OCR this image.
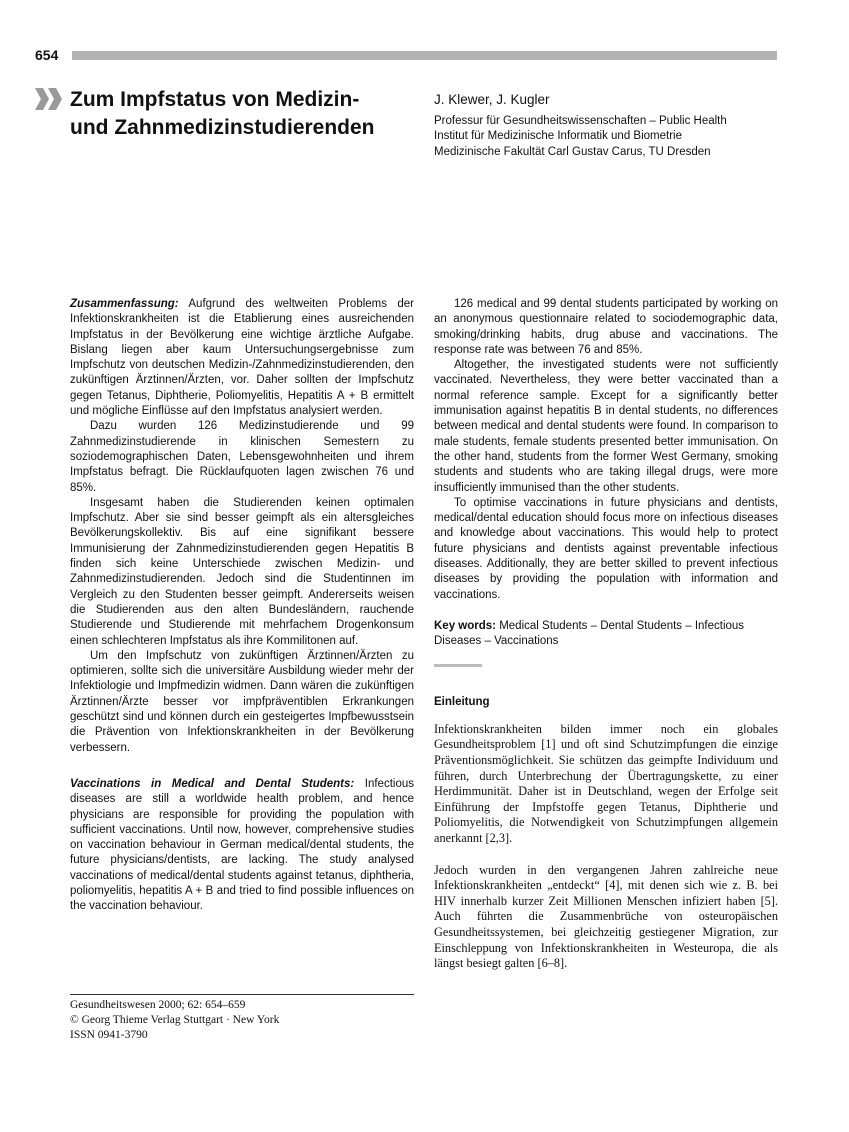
654
Zum Impfstatus von Medizin- und Zahnmedizinstudierenden
J. Klewer, J. Kugler
Professur für Gesundheitswissenschaften – Public Health
Institut für Medizinische Informatik und Biometrie
Medizinische Fakultät Carl Gustav Carus, TU Dresden

Zusammenfassung: Aufgrund des weltweiten Problems der Infektionskrankheiten ist die Etablierung eines ausreichenden Impfstatus in der Bevölkerung eine wichtige ärztliche Aufgabe. Bislang liegen aber kaum Untersuchungsergebnisse zum Impfschutz von deutschen Medizin-/Zahnmedizinstudierenden, den zukünftigen Ärztinnen/Ärzten, vor. Daher sollten der Impfschutz gegen Tetanus, Diphtherie, Poliomyelitis, Hepatitis A + B ermittelt und mögliche Einflüsse auf den Impfstatus analysiert werden.

Dazu wurden 126 Medizinstudierende und 99 Zahnmedizinstudierende in klinischen Semestern zu soziodemographischen Daten, Lebensgewohnheiten und ihrem Impfstatus befragt. Die Rücklaufquoten lagen zwischen 76 und 85%.

Insgesamt haben die Studierenden keinen optimalen Impfschutz. Aber sie sind besser geimpft als ein altersgleiches Bevölkerungskollektiv. Bis auf eine signifikant bessere Immunisierung der Zahnmedizinstudierenden gegen Hepatitis B finden sich keine Unterschiede zwischen Medizin- und Zahnmedizinstudierenden. Jedoch sind die Studentinnen im Vergleich zu den Studenten besser geimpft. Andererseits weisen die Studierenden aus den alten Bundesländern, rauchende Studierende und Studierende mit mehrfachem Drogenkonsum einen schlechteren Impfstatus als ihre Kommilitonen auf.

Um den Impfschutz von zukünftigen Ärztinnen/Ärzten zu optimieren, sollte sich die universitäre Ausbildung wieder mehr der Infektiologie und Impfmedizin widmen. Dann wären die zukünftigen Ärztinnen/Ärzte besser vor impfpräventiblen Erkrankungen geschützt sind und können durch ein gesteigertes Impfbewusstsein die Prävention von Infektionskrankheiten in der Bevölkerung verbessern.

Vaccinations in Medical and Dental Students: Infectious diseases are still a worldwide health problem, and hence physicians are responsible for providing the population with sufficient vaccinations. Until now, however, comprehensive studies on vaccination behaviour in German medical/dental students, the future physicians/dentists, are lacking. The study analysed vaccinations of medical/dental students against tetanus, diphtheria, poliomyelitis, hepatitis A + B and tried to find possible influences on the vaccination behaviour.

126 medical and 99 dental students participated by working on an anonymous questionnaire related to sociodemographic data, smoking/drinking habits, drug abuse and vaccinations. The response rate was between 76 and 85%.

Altogether, the investigated students were not sufficiently vaccinated. Nevertheless, they were better vaccinated than a normal reference sample. Except for a significantly better immunisation against hepatitis B in dental students, no differences between medical and dental students were found. In comparison to male students, female students presented better immunisation. On the other hand, students from the former West Germany, smoking students and students who are taking illegal drugs, were more insufficiently immunised than the other students.

To optimise vaccinations in future physicians and dentists, medical/dental education should focus more on infectious diseases and knowledge about vaccinations. This would help to protect future physicians and dentists against preventable infectious diseases. Additionally, they are better skilled to prevent infectious diseases by providing the population with information and vaccinations.

Key words: Medical Students – Dental Students – Infectious Diseases – Vaccinations

Einleitung

Infektionskrankheiten bilden immer noch ein globales Gesundheitsproblem [1] und oft sind Schutzimpfungen die einzige Präventionsmöglichkeit. Sie schützen das geimpfte Individuum und führen, durch Unterbrechung der Übertragungskette, zu einer Herdimmunität. Daher ist in Deutschland, wegen der Erfolge seit Einführung der Impfstoffe gegen Tetanus, Diphtherie und Poliomyelitis, die Notwendigkeit von Schutzimpfungen allgemein anerkannt [2,3].

Jedoch wurden in den vergangenen Jahren zahlreiche neue Infektionskrankheiten „entdeckt“ [4], mit denen sich wie z. B. bei HIV innerhalb kurzer Zeit Millionen Menschen infiziert haben [5]. Auch führten die Zusammenbrüche von osteuropäischen Gesundheitssystemen, bei gleichzeitig gestiegener Migration, zur Einschleppung von Infektionskrankheiten in Westeuropa, die als längst besiegt galten [6–8].

Gesundheitswesen 2000; 62: 654–659
© Georg Thieme Verlag Stuttgart · New York
ISSN 0941-3790
